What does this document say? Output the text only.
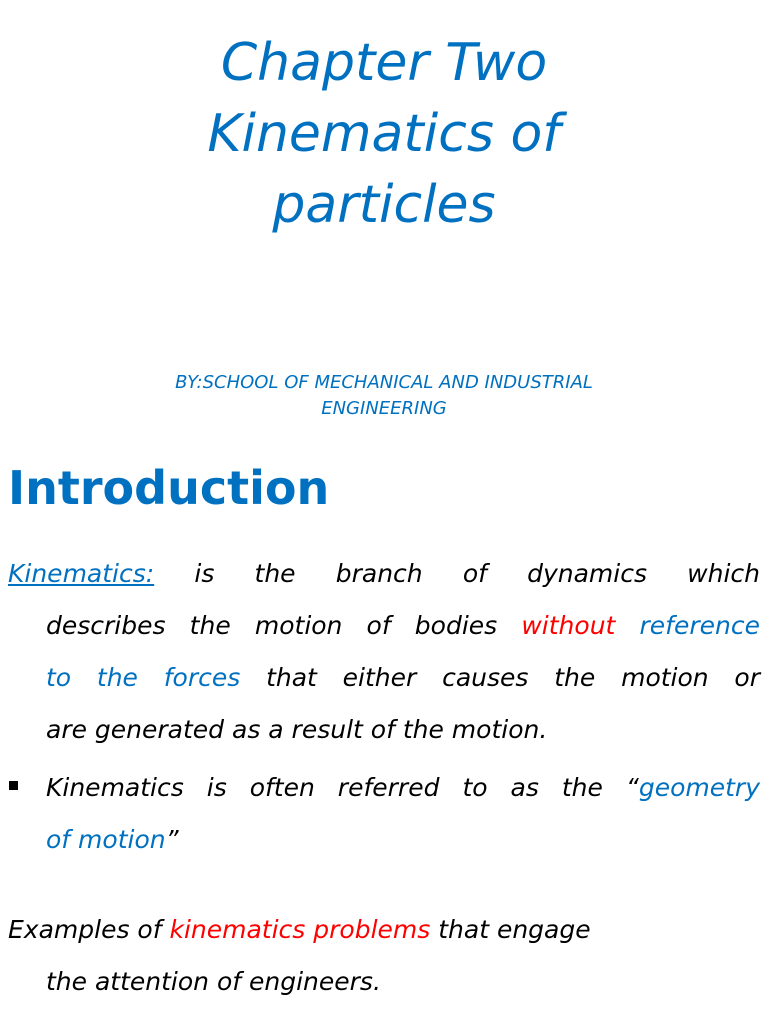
Chapter Two
Kinematics of
particles
BY:SCHOOL OF MECHANICAL AND INDUSTRIAL
ENGINEERING
Introduction
Kinematics: is the branch of dynamics which
describes the motion of bodies without reference
to the forces that either causes the motion or
are generated as a result of the motion.
Kinematics is often referred to as the “geometry
of motion”
Examples of kinematics problems that engage
the attention of engineers.
